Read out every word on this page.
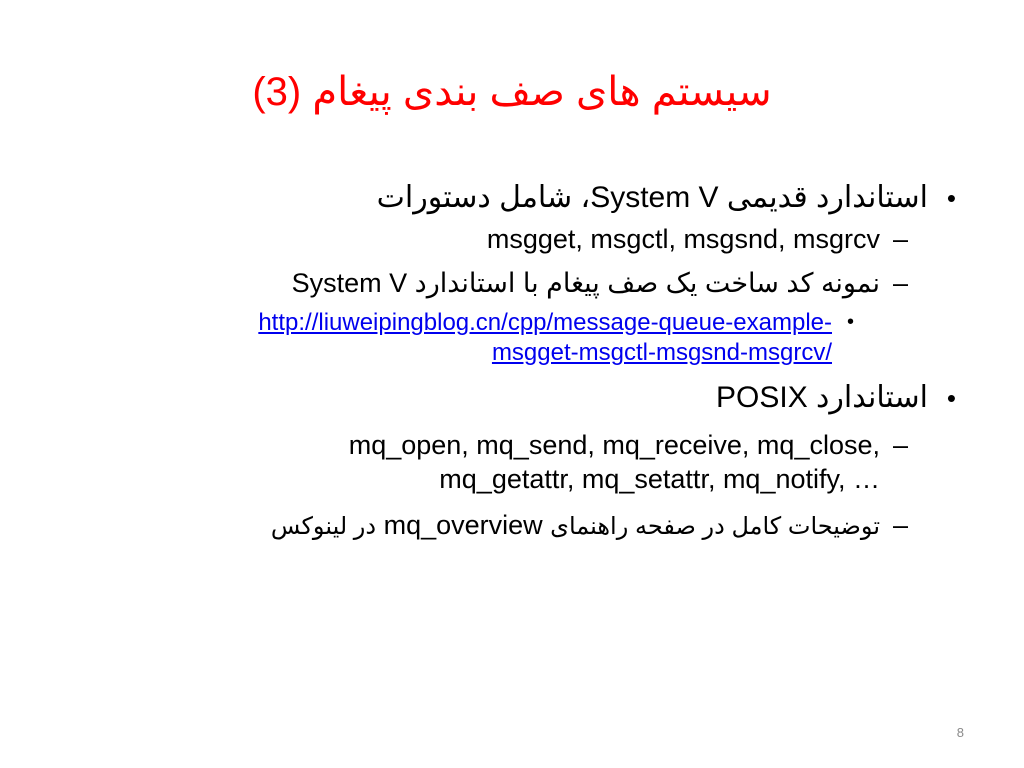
سیستم های صف بندی پیغام (3)
•
استاندارد قدیمی System V، شامل دستورات
–
msgget, msgctl, msgsnd, msgrcv
–
نمونه کد ساخت یک صف پیغام با استاندارد System V
•
http://liuweipingblog.cn/cpp/message-queue-example-
msgget-msgctl-msgsnd-msgrcv/
•
استاندارد POSIX
–
mq_open, mq_send, mq_receive, mq_close,
mq_getattr, mq_setattr, mq_notify, …
–
توضیحات کامل در صفحه راهنمای mq_overview در لینوکس
8
